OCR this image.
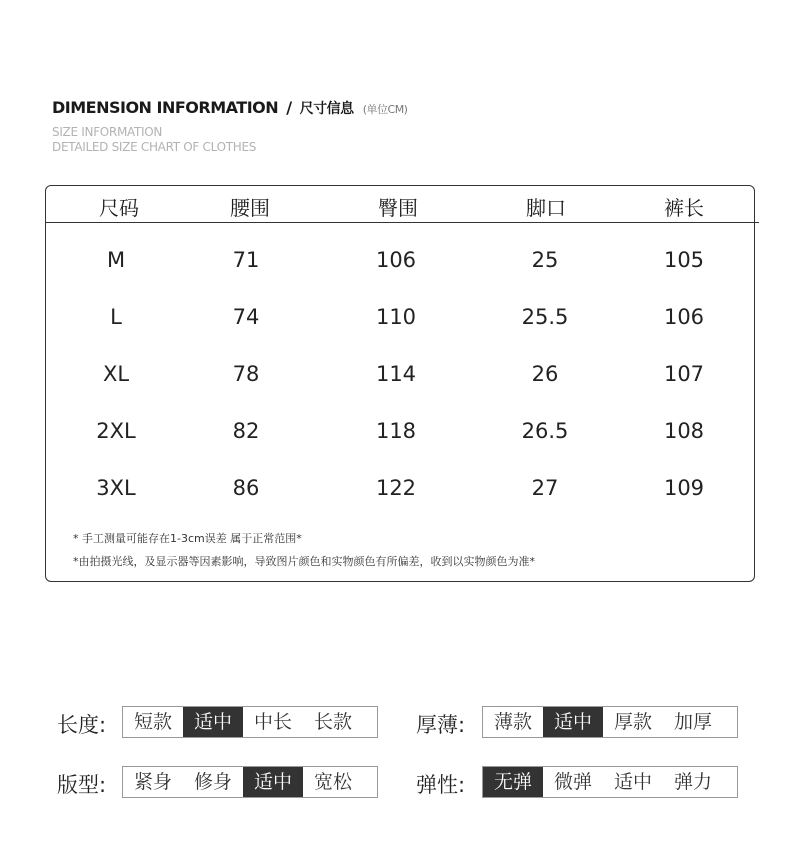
DIMENSION INFORMATION / 尺寸信息 (单位CM)
SIZE INFORMATION
DETAILED SIZE CHART OF CLOTHES
尺码	腰围	臀围	脚口	裤长
M	71	106	25	105
L	74	110	25.5	106
XL	78	114	26	107
2XL	82	118	26.5	108
3XL	86	122	27	109
* 手工测量可能存在1-3cm误差 属于正常范围*
*由拍摄光线，及显示器等因素影响，导致图片颜色和实物颜色有所偏差，收到以实物颜色为准*
长度:	短款	适中	中长	长款	厚薄:	薄款	适中	厚款	加厚
版型:	紧身	修身	适中	宽松	弹性:	无弹	微弹	适中	弹力
